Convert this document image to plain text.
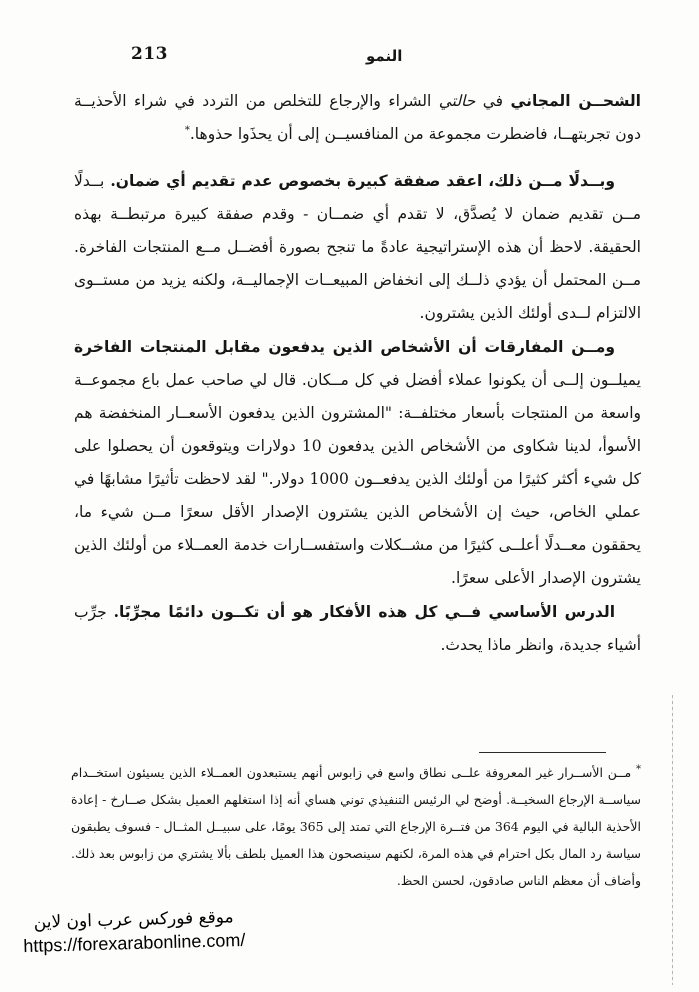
213	النمو

الشحــن المجاني في حالتي الشراء والإرجاع للتخلص من التردد في شراء الأحذيــة دون تجربتهــا، فاضطرت مجموعة من المنافسيــن إلى أن يحذَوا حذوها.*

وبــدلًا مــن ذلك، اعقد صفقة كبيرة بخصوص عدم تقديم أي ضمان. بــدلًا مــن تقديم ضمان لا يُصدَّق، لا تقدم أي ضمــان - وقدم صفقة كبيرة مرتبطــة بهذه الحقيقة. لاحظ أن هذه الإستراتيجية عادةً ما تنجح بصورة أفضــل مــع المنتجات الفاخرة. مــن المحتمل أن يؤدي ذلــك إلى انخفاض المبيعــات الإجماليــة، ولكنه يزيد من مستــوى الالتزام لــدى أولئك الذين يشترون.

ومــن المفارقات أن الأشخاص الذين يدفعون مقابل المنتجات الفاخرة يميلــون إلــى أن يكونوا عملاء أفضل في كل مــكان. قال لي صاحب عمل باع مجموعــة واسعة من المنتجات بأسعار مختلفــة: "المشترون الذين يدفعون الأسعــار المنخفضة هم الأسوأ، لدينا شكاوى من الأشخاص الذين يدفعون 10 دولارات ويتوقعون أن يحصلوا على كل شيء أكثر كثيرًا من أولئك الذين يدفعــون 1000 دولار." لقد لاحظت تأثيرًا مشابهًا في عملي الخاص، حيث إن الأشخاص الذين يشترون الإصدار الأقل سعرًا مــن شيء ما، يحققون معــدلًا أعلــى كثيرًا من مشــكلات واستفســارات خدمة العمــلاء من أولئك الذين يشترون الإصدار الأعلى سعرًا.

الدرس الأساسي فــي كل هذه الأفكار هو أن تكــون دائمًا مجرِّبًا. جرِّب أشياء جديدة، وانظر ماذا يحدث.

* مــن الأســرار غير المعروفة علــى نطاق واسع في زابوس أنهم يستبعدون العمــلاء الذين يسيئون استخــدام سياســة الإرجاع السخيــة. أوضح لي الرئيس التنفيذي توني هساي أنه إذا استغلهم العميل بشكل صــارخ - إعادة الأحذية البالية في اليوم 364 من فتــرة الإرجاع التي تمتد إلى 365 يومًا، على سبيــل المثــال - فسوف يطبقون سياسة رد المال بكل احترام في هذه المرة، لكنهم سينصحون هذا العميل بلطف بألا يشتري من زابوس بعد ذلك. وأضاف أن معظم الناس صادقون، لحسن الحظ.
موقع فوركس عرب اون لاين
https://forexarabonline.com/
